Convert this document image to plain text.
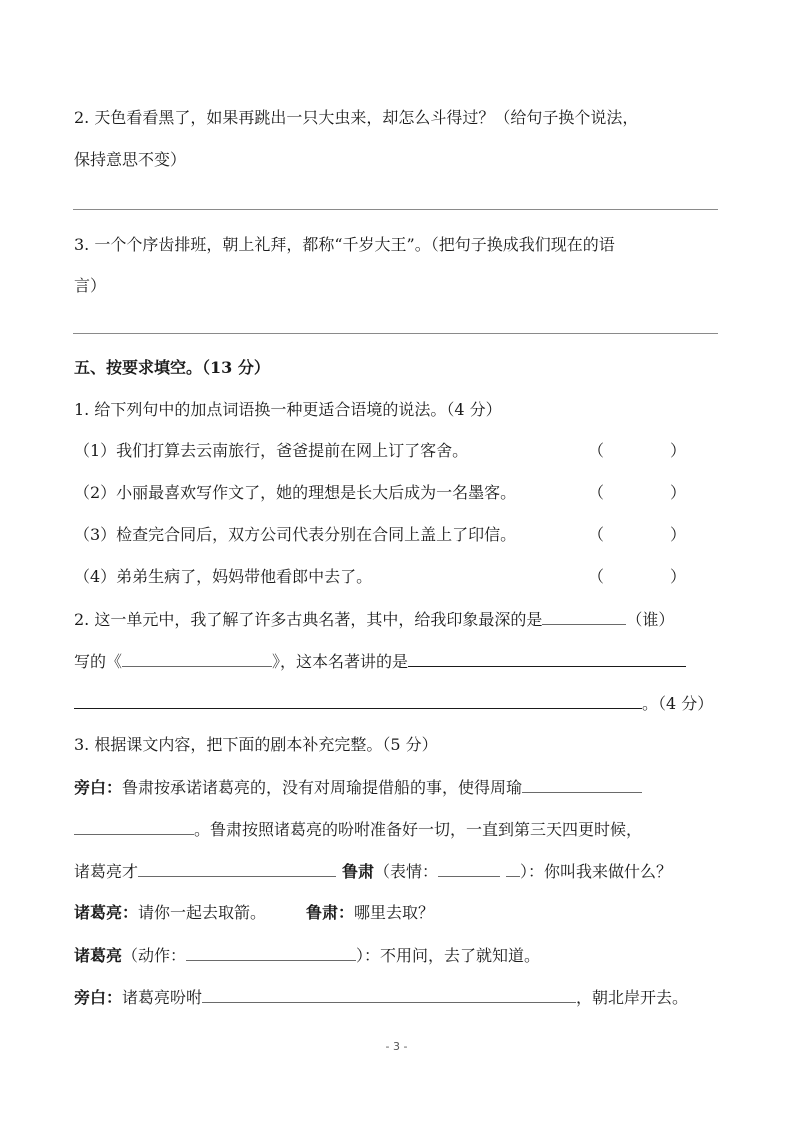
2. 天色看看黑了，如果再跳出一只大虫来，却怎么斗得过？（给句子换个说法，
保持意思不变）
3. 一个个序齿排班，朝上礼拜，都称“千岁大王”。（把句子换成我们现在的语
言）
五、按要求填空。（13 分）
1. 给下列句中的加点词语换一种更适合语境的说法。（4 分）
（1）我们打算去云南旅行，爸爸提前在网上订了客舍。	（	）
（2）小丽最喜欢写作文了，她的理想是长大后成为一名墨客。	（	）
（3）检查完合同后，双方公司代表分别在合同上盖上了印信。	（	）
（4）弟弟生病了，妈妈带他看郎中去了。	（	）
2. 这一单元中，我了解了许多古典名著，其中，给我印象最深的是	（谁）
写的《	》，这本名著讲的是
。（4 分）
3. 根据课文内容，把下面的剧本补充完整。（5 分）
旁白：鲁肃按承诺诸葛亮的，没有对周瑜提借船的事，使得周瑜
。鲁肃按照诸葛亮的吩咐准备好一切，一直到第三天四更时候，
诸葛亮才	鲁肃（表情：	）：你叫我来做什么？
诸葛亮：请你一起去取箭。	鲁肃：哪里去取？
诸葛亮（动作：	）：不用问，去了就知道。
旁白：诸葛亮吩咐	，朝北岸开去。
- 3 -
